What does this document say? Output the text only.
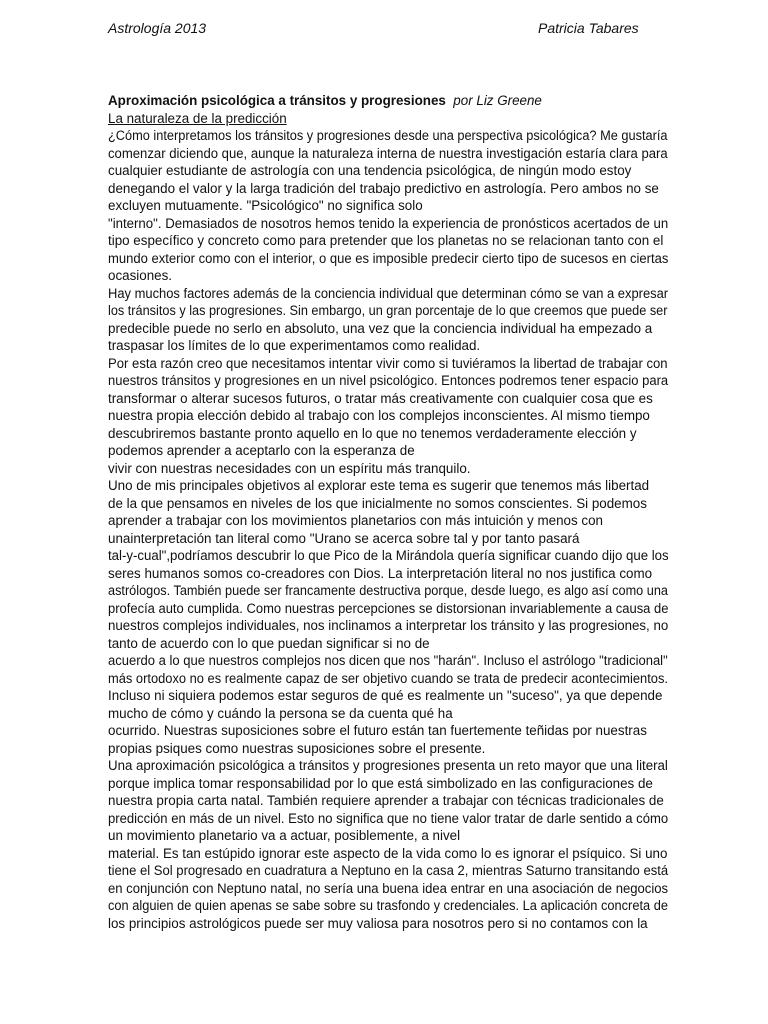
Astrología 2013	Patricia Tabares
Aproximación psicológica a tránsitos y progresiones por Liz Greene
La naturaleza de la predicción
¿Cómo interpretamos los tránsitos y progresiones desde una perspectiva psicológica? Me gustaría
comenzar diciendo que, aunque la naturaleza interna de nuestra investigación estaría clara para
cualquier estudiante de astrología con una tendencia psicológica, de ningún modo estoy
denegando el valor y la larga tradición del trabajo predictivo en astrología. Pero ambos no se
excluyen mutuamente. "Psicológico" no significa solo
"interno". Demasiados de nosotros hemos tenido la experiencia de pronósticos acertados de un
tipo específico y concreto como para pretender que los planetas no se relacionan tanto con el
mundo exterior como con el interior, o que es imposible predecir cierto tipo de sucesos en ciertas
ocasiones.
Hay muchos factores además de la conciencia individual que determinan cómo se van a expresar
los tránsitos y las progresiones. Sin embargo, un gran porcentaje de lo que creemos que puede ser
predecible puede no serlo en absoluto, una vez que la conciencia individual ha empezado a
traspasar los límites de lo que experimentamos como realidad.
Por esta razón creo que necesitamos intentar vivir como si tuviéramos la libertad de trabajar con
nuestros tránsitos y progresiones en un nivel psicológico. Entonces podremos tener espacio para
transformar o alterar sucesos futuros, o tratar más creativamente con cualquier cosa que es
nuestra propia elección debido al trabajo con los complejos inconscientes. Al mismo tiempo
descubriremos bastante pronto aquello en lo que no tenemos verdaderamente elección y
podemos aprender a aceptarlo con la esperanza de
vivir con nuestras necesidades con un espíritu más tranquilo.
Uno de mis principales objetivos al explorar este tema es sugerir que tenemos más libertad
de la que pensamos en niveles de los que inicialmente no somos conscientes. Si podemos
aprender a trabajar con los movimientos planetarios con más intuición y menos con
unainterpretación tan literal como "Urano se acerca sobre tal y por tanto pasará
tal-y-cual",podríamos descubrir lo que Pico de la Mirándola quería significar cuando dijo que los
seres humanos somos co-creadores con Dios. La interpretación literal no nos justifica como
astrólogos. También puede ser francamente destructiva porque, desde luego, es algo así como una
profecía auto cumplida. Como nuestras percepciones se distorsionan invariablemente a causa de
nuestros complejos individuales, nos inclinamos a interpretar los tránsito y las progresiones, no
tanto de acuerdo con lo que puedan significar si no de
acuerdo a lo que nuestros complejos nos dicen que nos "harán". Incluso el astrólogo "tradicional"
más ortodoxo no es realmente capaz de ser objetivo cuando se trata de predecir acontecimientos.
Incluso ni siquiera podemos estar seguros de qué es realmente un "suceso", ya que depende
mucho de cómo y cuándo la persona se da cuenta qué ha
ocurrido. Nuestras suposiciones sobre el futuro están tan fuertemente teñidas por nuestras
propias psiques como nuestras suposiciones sobre el presente.
Una aproximación psicológica a tránsitos y progresiones presenta un reto mayor que una literal
porque implica tomar responsabilidad por lo que está simbolizado en las configuraciones de
nuestra propia carta natal. También requiere aprender a trabajar con técnicas tradicionales de
predicción en más de un nivel. Esto no significa que no tiene valor tratar de darle sentido a cómo
un movimiento planetario va a actuar, posiblemente, a nivel
material. Es tan estúpido ignorar este aspecto de la vida como lo es ignorar el psíquico. Si uno
tiene el Sol progresado en cuadratura a Neptuno en la casa 2, mientras Saturno transitando está
en conjunción con Neptuno natal, no sería una buena idea entrar en una asociación de negocios
con alguien de quien apenas se sabe sobre su trasfondo y credenciales. La aplicación concreta de
los principios astrológicos puede ser muy valiosa para nosotros pero si no contamos con la
